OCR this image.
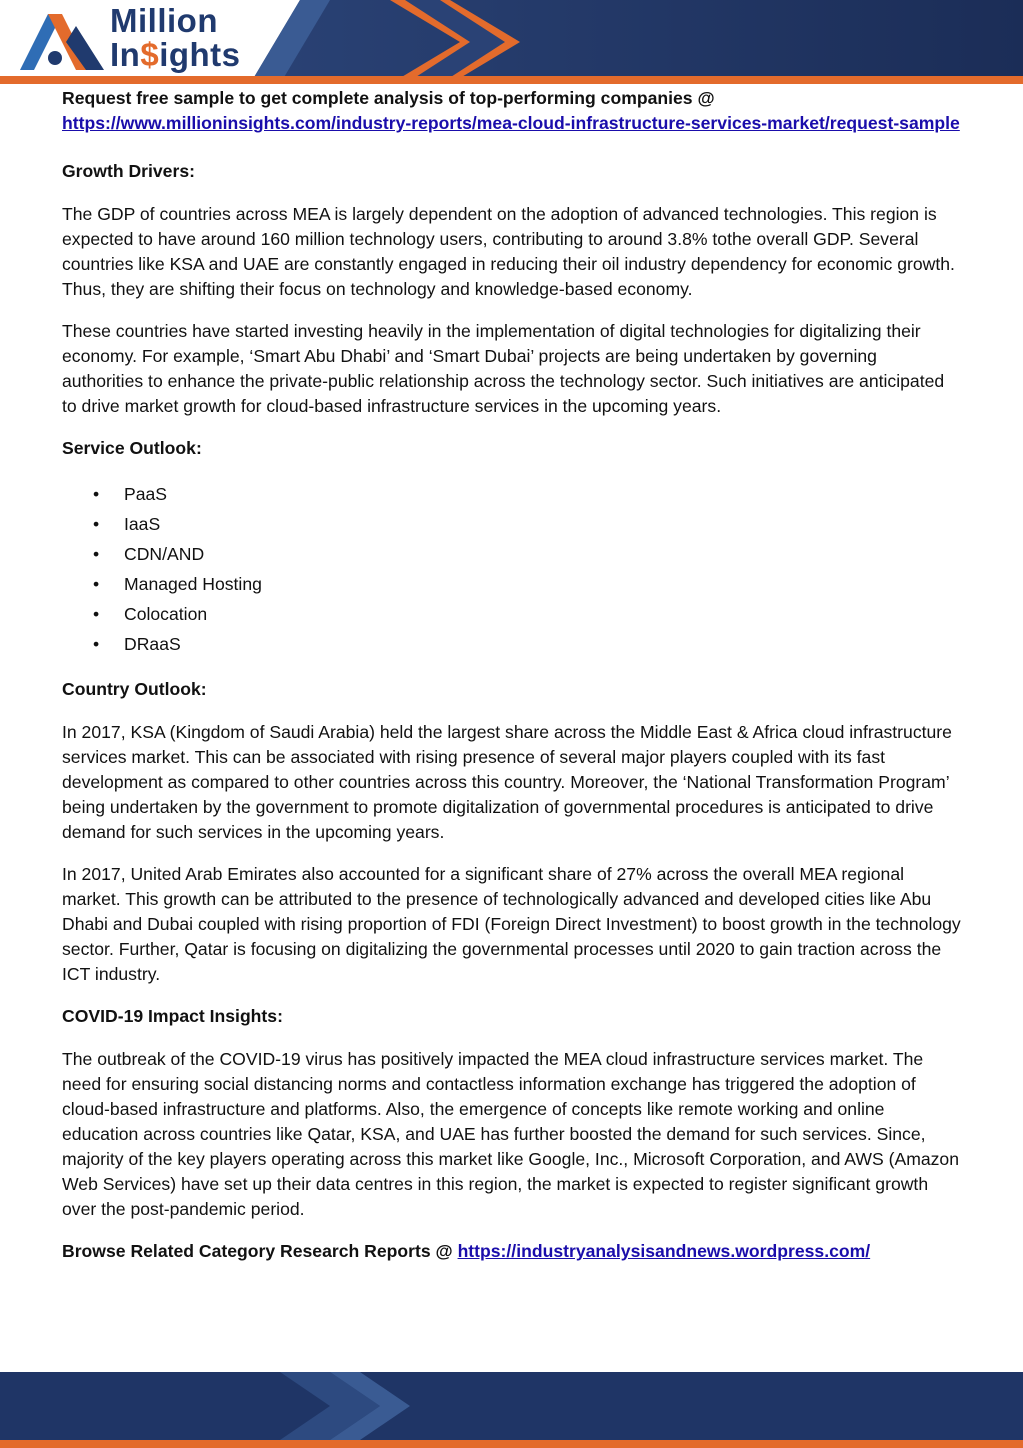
Million
In$ights

Request free sample to get complete analysis of top-performing companies @ https://www.millioninsights.com/industry-reports/mea-cloud-infrastructure-services-market/request-sample

Growth Drivers:

The GDP of countries across MEA is largely dependent on the adoption of advanced technologies. This region is expected to have around 160 million technology users, contributing to around 3.8% tothe overall GDP. Several countries like KSA and UAE are constantly engaged in reducing their oil industry dependency for economic growth. Thus, they are shifting their focus on technology and knowledge-based economy.

These countries have started investing heavily in the implementation of digital technologies for digitalizing their economy. For example, ‘Smart Abu Dhabi’ and ‘Smart Dubai’ projects are being undertaken by governing authorities to enhance the private-public relationship across the technology sector. Such initiatives are anticipated to drive market growth for cloud-based infrastructure services in the upcoming years.

Service Outlook:

• PaaS
• IaaS
• CDN/AND
• Managed Hosting
• Colocation
• DRaaS

Country Outlook:

In 2017, KSA (Kingdom of Saudi Arabia) held the largest share across the Middle East & Africa cloud infrastructure services market. This can be associated with rising presence of several major players coupled with its fast development as compared to other countries across this country. Moreover, the ‘National Transformation Program’ being undertaken by the government to promote digitalization of governmental procedures is anticipated to drive demand for such services in the upcoming years.

In 2017, United Arab Emirates also accounted for a significant share of 27% across the overall MEA regional market. This growth can be attributed to the presence of technologically advanced and developed cities like Abu Dhabi and Dubai coupled with rising proportion of FDI (Foreign Direct Investment) to boost growth in the technology sector. Further, Qatar is focusing on digitalizing the governmental processes until 2020 to gain traction across the ICT industry.

COVID-19 Impact Insights:

The outbreak of the COVID-19 virus has positively impacted the MEA cloud infrastructure services market. The need for ensuring social distancing norms and contactless information exchange has triggered the adoption of cloud-based infrastructure and platforms. Also, the emergence of concepts like remote working and online education across countries like Qatar, KSA, and UAE has further boosted the demand for such services. Since, majority of the key players operating across this market like Google, Inc., Microsoft Corporation, and AWS (Amazon Web Services) have set up their data centres in this region, the market is expected to register significant growth over the post-pandemic period.

Browse Related Category Research Reports @ https://industryanalysisandnews.wordpress.com/
